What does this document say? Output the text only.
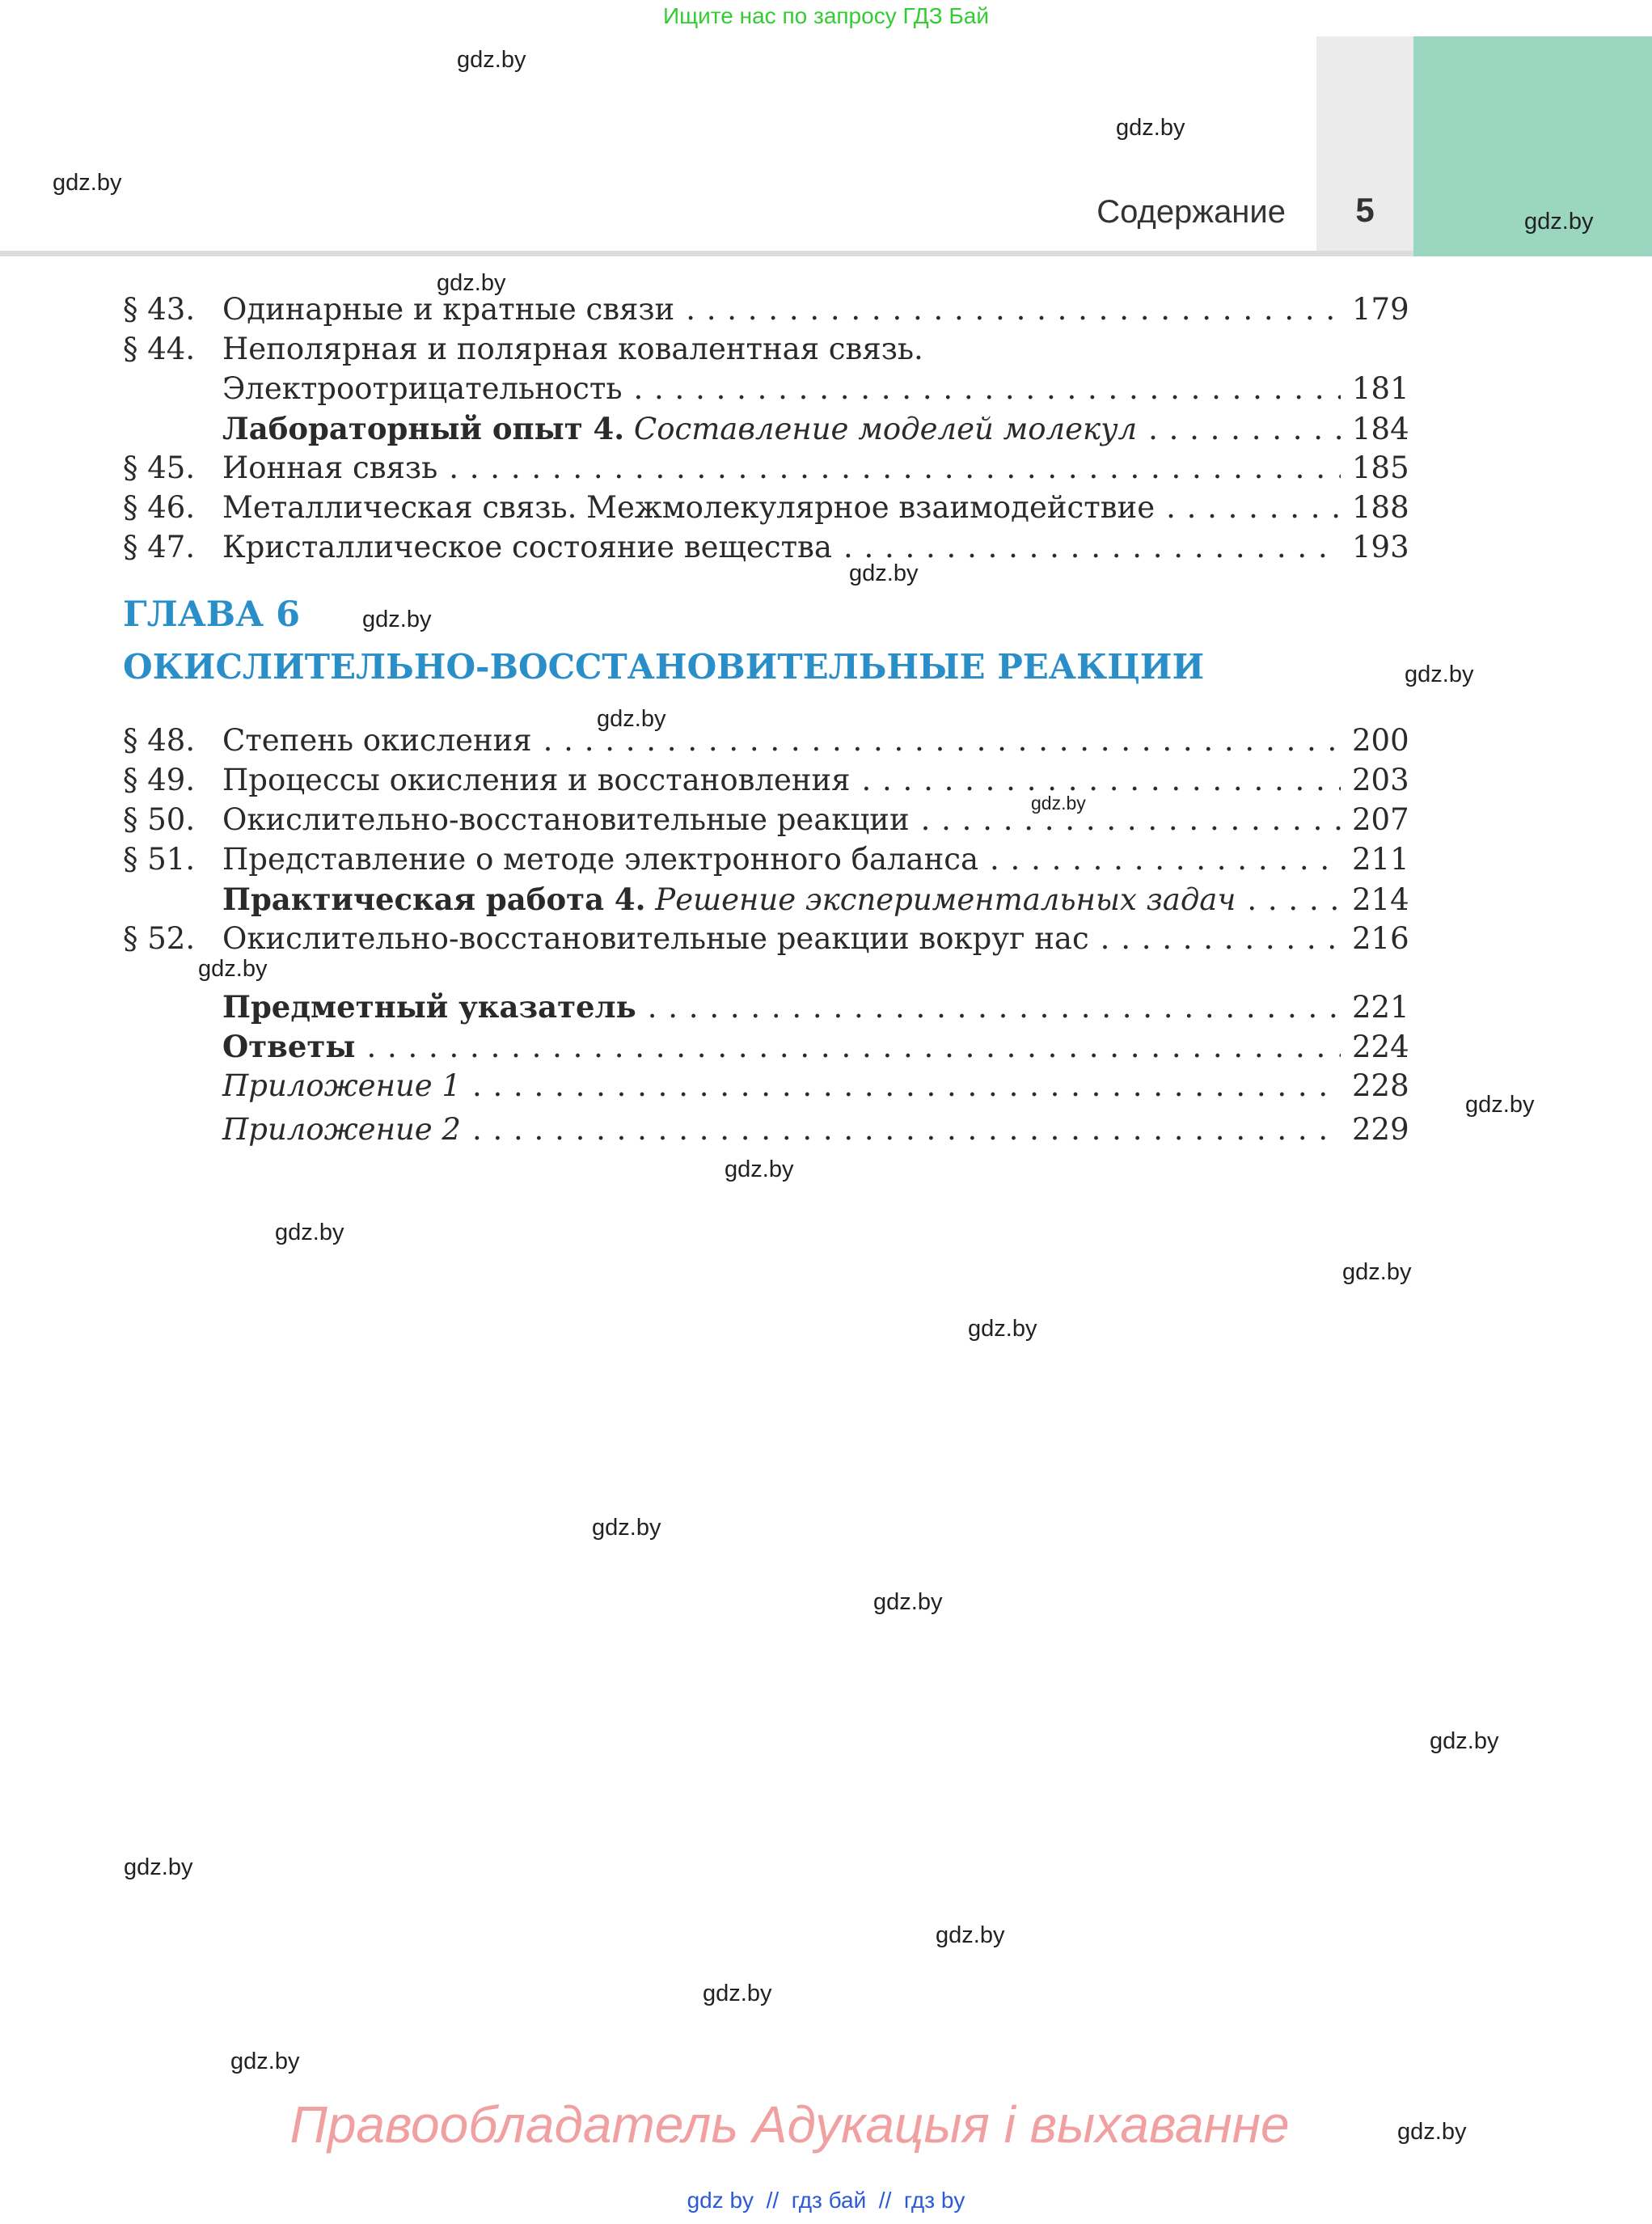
Ищите нас по запросу ГДЗ Бай
Содержание	5
§ 43. Одинарные и кратные связи . . .	179
§ 44. Неполярная и полярная ковалентная связь.
Электроотрицательность . . .	181
Лабораторный опыт 4. Составление моделей молекул . . .	184
§ 45. Ионная связь . . .	185
§ 46. Металлическая связь. Межмолекулярное взаимодействие . . .	188
§ 47. Кристаллическое состояние вещества . . .	193
ГЛАВА 6
ОКИСЛИТЕЛЬНО-ВОССТАНОВИТЕЛЬНЫЕ РЕАКЦИИ
§ 48. Степень окисления . . .	200
§ 49. Процессы окисления и восстановления . . .	203
§ 50. Окислительно-восстановительные реакции . . .	207
§ 51. Представление о методе электронного баланса . . .	211
Практическая работа 4. Решение экспериментальных задач . . .	214
§ 52. Окислительно-восстановительные реакции вокруг нас . . .	216
Предметный указатель . . .	221
Ответы . . .	224
Приложение 1 . . .	228
Приложение 2 . . .	229
gdz.by
gdz.by
gdz.by
gdz.by
gdz.by
gdz.by
gdz.by
gdz.by
gdz.by
gdz.by
gdz.by
gdz.by
gdz.by
gdz.by
gdz.by
gdz.by
gdz.by
gdz.by
gdz.by
gdz.by
gdz.by
gdz.by
gdz.by
gdz.by
Правообладатель Адукацыя і выхаванне
gdz by  //  гдз бай  //  гдз by
